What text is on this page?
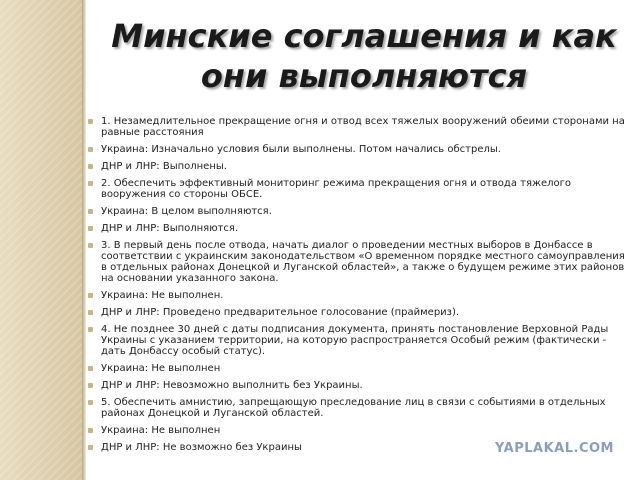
Минские соглашения и как они выполняются
1. Незамедлительное прекращение огня и отвод всех тяжелых вооружений обеими сторонами на равные расстояния
Украина: Изначально условия были выполнены. Потом начались обстрелы.
ДНР и ЛНР: Выполнены.
2. Обеспечить эффективный мониторинг режима прекращения огня и отвода тяжелого вооружения со стороны ОБСЕ.
Украина: В целом выполняются.
ДНР и ЛНР: Выполняются.
3. В первый день после отвода, начать диалог о проведении местных выборов в Донбассе в соответствии с украинским законодательством «О временном порядке местного самоуправления в отдельных районах Донецкой и Луганской областей», а также о будущем режиме этих районов на основании указанного закона.
Украина: Не выполнен.
ДНР и ЛНР: Проведено предварительное голосование (праймериз).
4. Не позднее 30 дней с даты подписания документа, принять постановление Верховной Рады Украины с указанием территории, на которую распространяется Особый режим (фактически - дать Донбассу особый статус).
Украина: Не выполнен
ДНР и ЛНР: Невозможно выполнить без Украины.
5. Обеспечить амнистию, запрещающую преследование лиц в связи с событиями в отдельных районах Донецкой и Луганской областей.
Украина: Не выполнен
ДНР и ЛНР: Не возможно без Украины	YAPLAKAL.COM
